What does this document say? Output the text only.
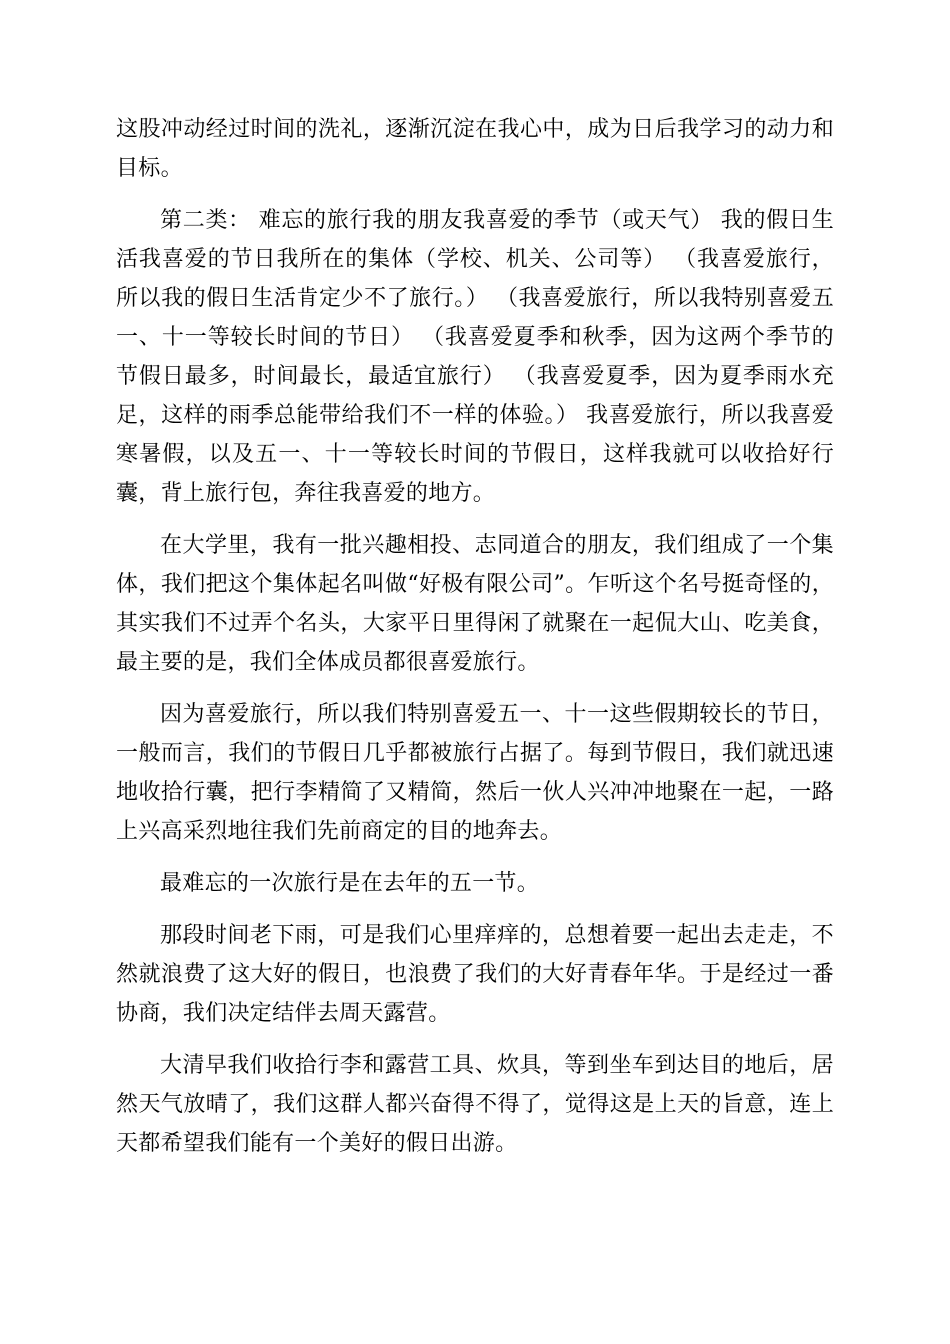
这股冲动经过时间的洗礼，逐渐沉淀在我心中，成为日后我学习的动力和目标。

第二类： 难忘的旅行我的朋友我喜爱的季节（或天气） 我的假日生活我喜爱的节日我所在的集体（学校、机关、公司等） （我喜爱旅行，所以我的假日生活肯定少不了旅行。） （我喜爱旅行，所以我特别喜爱五一、十一等较长时间的节日） （我喜爱夏季和秋季，因为这两个季节的节假日最多，时间最长，最适宜旅行） （我喜爱夏季，因为夏季雨水充足，这样的雨季总能带给我们不一样的体验。） 我喜爱旅行，所以我喜爱寒暑假，以及五一、十一等较长时间的节假日，这样我就可以收拾好行囊，背上旅行包，奔往我喜爱的地方。

在大学里，我有一批兴趣相投、志同道合的朋友，我们组成了一个集体，我们把这个集体起名叫做“好极有限公司”。乍听这个名号挺奇怪的，其实我们不过弄个名头，大家平日里得闲了就聚在一起侃大山、吃美食，最主要的是，我们全体成员都很喜爱旅行。

因为喜爱旅行，所以我们特别喜爱五一、十一这些假期较长的节日，一般而言，我们的节假日几乎都被旅行占据了。每到节假日，我们就迅速地收拾行囊，把行李精简了又精简，然后一伙人兴冲冲地聚在一起，一路上兴高采烈地往我们先前商定的目的地奔去。

最难忘的一次旅行是在去年的五一节。

那段时间老下雨，可是我们心里痒痒的，总想着要一起出去走走，不然就浪费了这大好的假日，也浪费了我们的大好青春年华。于是经过一番协商，我们决定结伴去周天露营。

大清早我们收拾行李和露营工具、炊具，等到坐车到达目的地后，居然天气放晴了，我们这群人都兴奋得不得了，觉得这是上天的旨意，连上天都希望我们能有一个美好的假日出游。
